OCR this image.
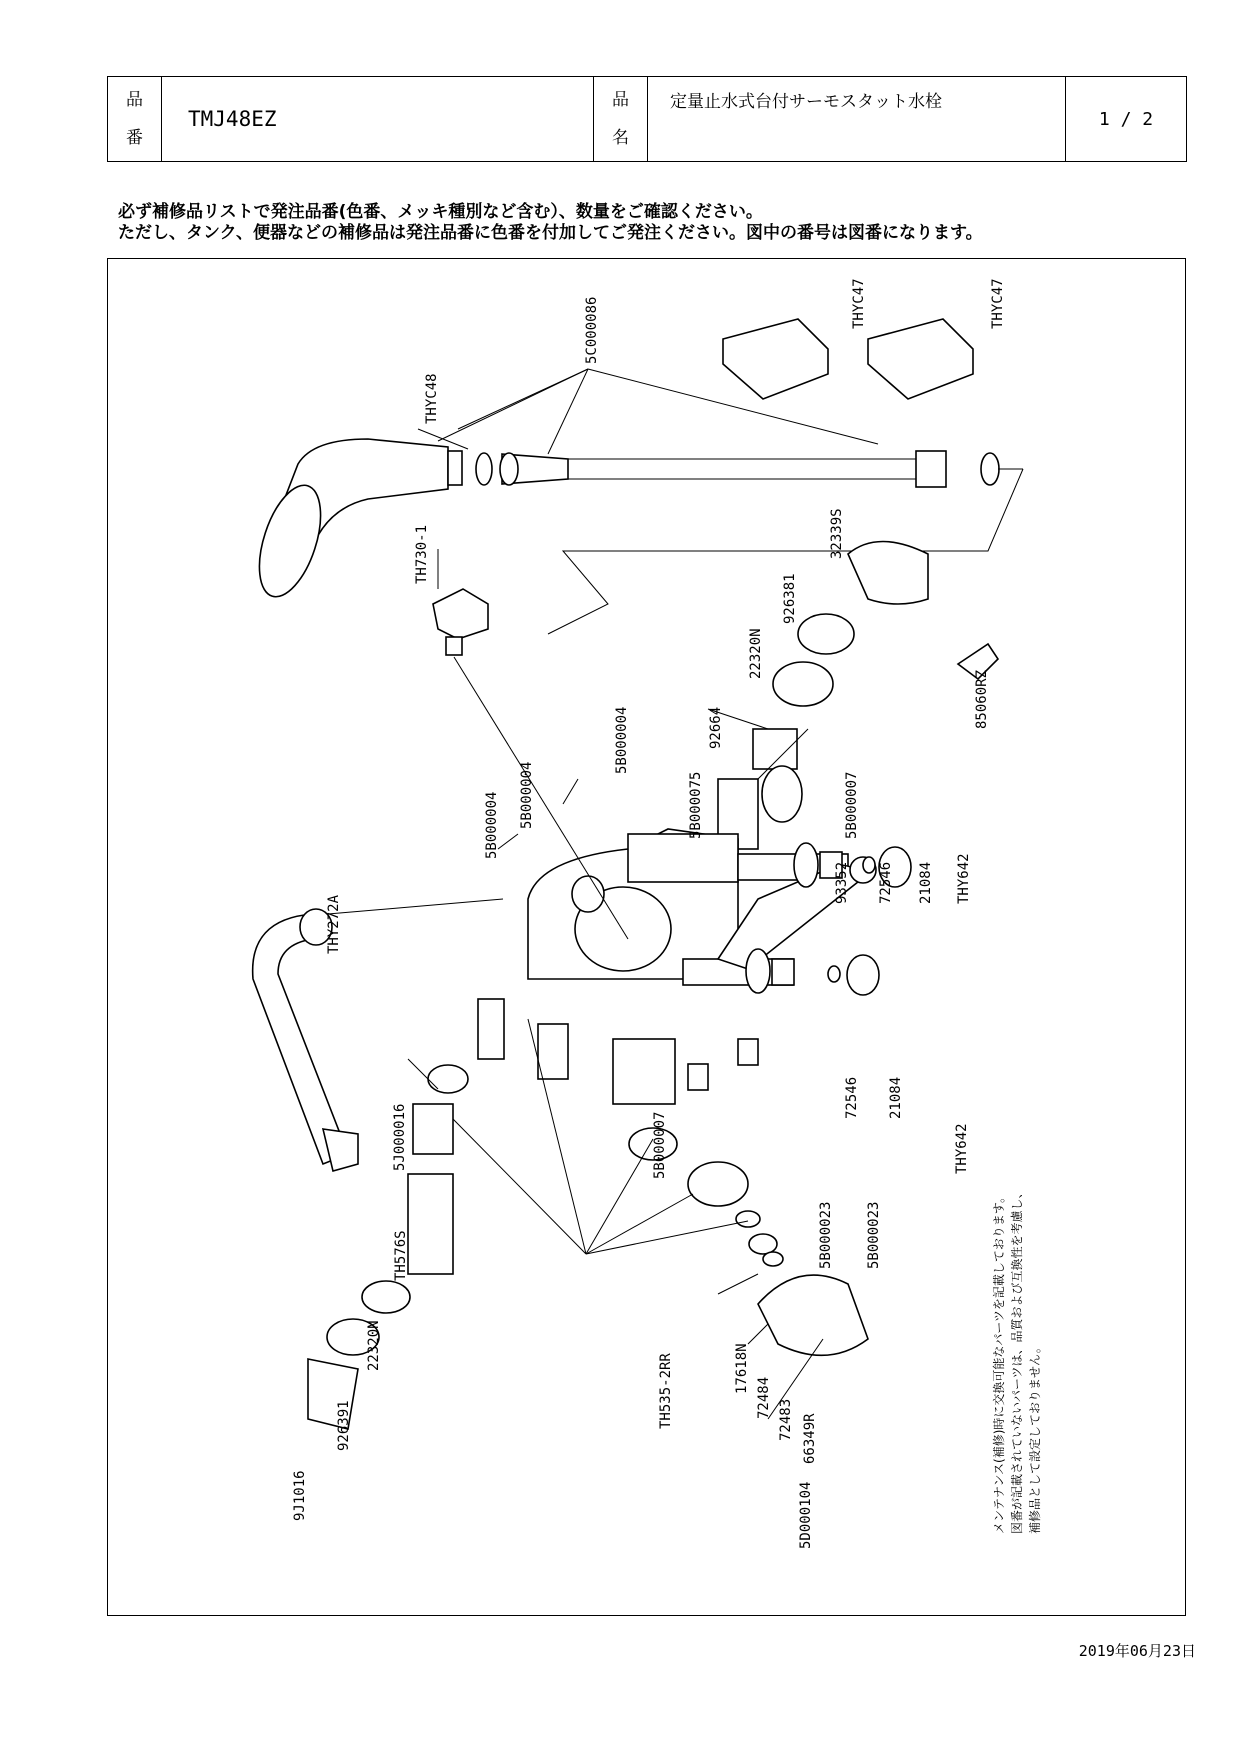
品
番
	TMJ48EZ	
品
名
	定量止水式台付サーモスタット水栓	1 / 2
必ず補修品リストで発注品番(色番、メッキ種別など含む）、数量をご確認ください。
ただし、タンク、便器などの補修品は発注品番に色番を付加してご発注ください。図中の番号は図番になります。
5C000086	THYC47	THYC47
THYC48
TH730-1	32339S
926381
22320N
85060RZ
92664
5B000075
5B000004
5B000007
5B000004
5B000004
93352 72546 21084 THY642
THY272A
5J000016
72546 21084
THY642
5B000007
5B000023 5B000023
TH576S
22320N
926391
9J1016
TH535-2RR	17618N
72484
72483 66349R
5D000104	メンテナンス(補修)時に交換可能なパーツを記載しております。 図番が記載されていないパーツは、品質および互換性を考慮し、 補修品として設定しておりません。
2019年06月23日
